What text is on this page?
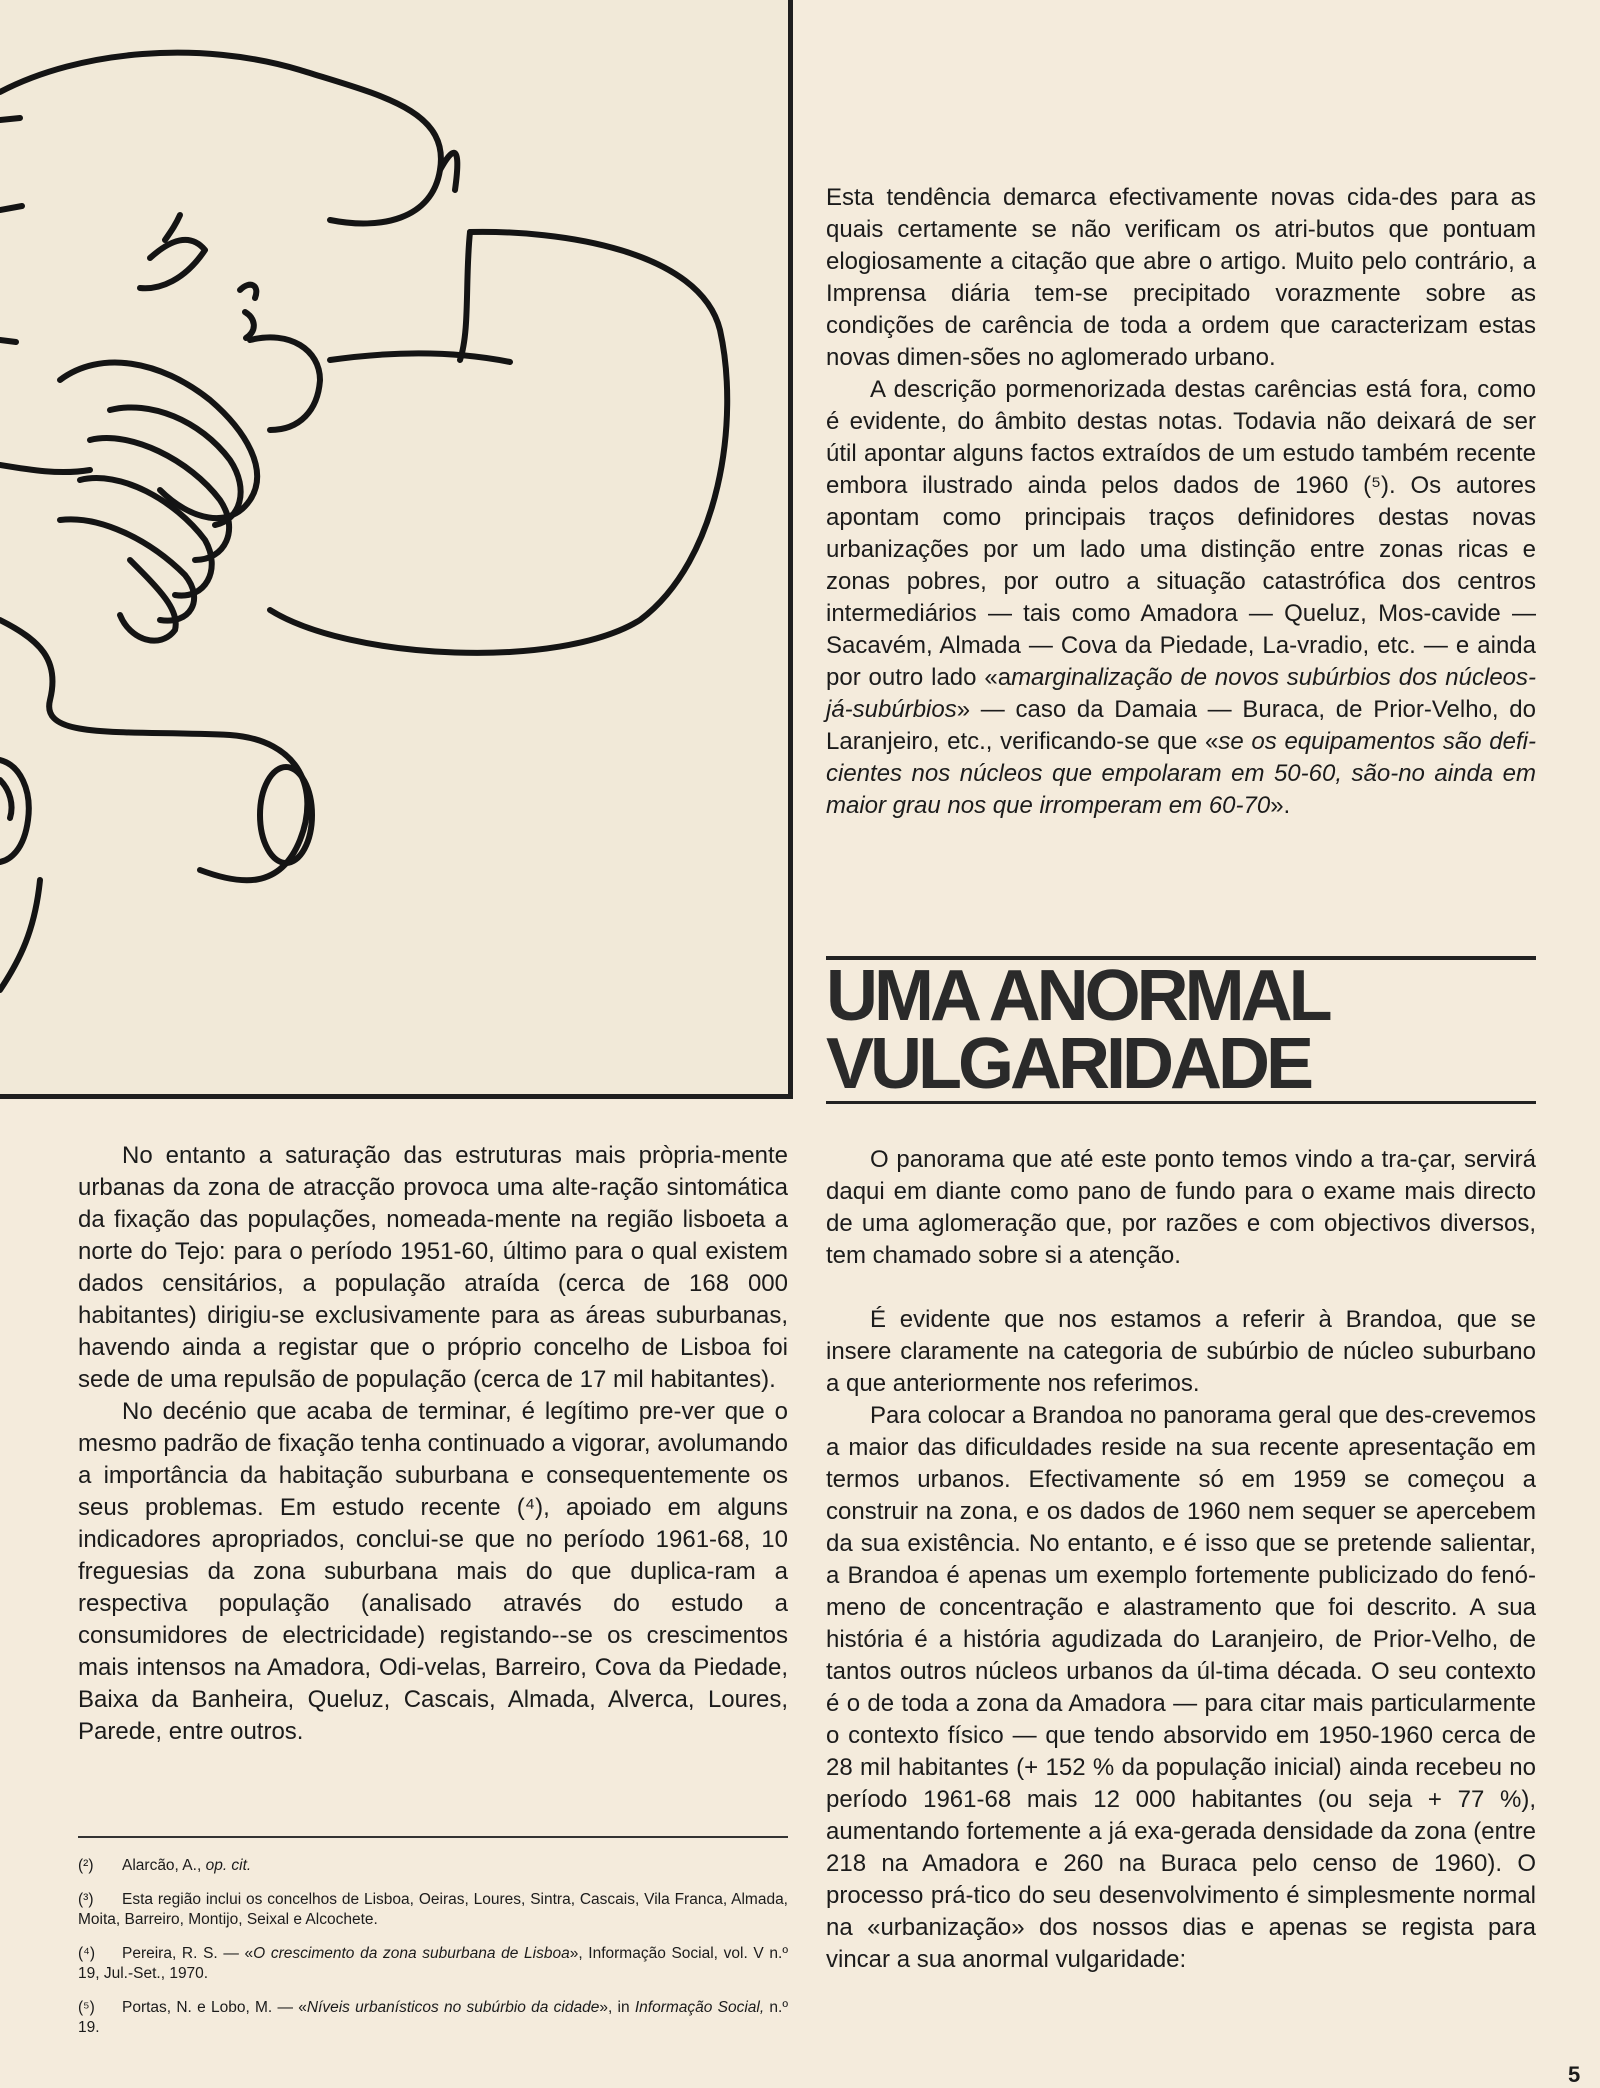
Esta tendência demarca efectivamente novas cida-des para as quais certamente se não verificam os atri-butos que pontuam elogiosamente a citação que abre o artigo. Muito pelo contrário, a Imprensa diária tem-se precipitado vorazmente sobre as condições de carência de toda a ordem que caracterizam estas novas dimen-sões no aglomerado urbano.

A descrição pormenorizada destas carências está fora, como é evidente, do âmbito destas notas. Todavia não deixará de ser útil apontar alguns factos extraídos de um estudo também recente embora ilustrado ainda pelos dados de 1960 (⁵). Os autores apontam como principais traços definidores destas novas urbanizações por um lado uma distinção entre zonas ricas e zonas pobres, por outro a situação catastrófica dos centros intermediários — tais como Amadora — Queluz, Mos-cavide — Sacavém, Almada — Cova da Piedade, La-vradio, etc. — e ainda por outro lado «amarginalização de novos subúrbios dos núcleos-já-subúrbios» — caso da Damaia — Buraca, de Prior-Velho, do Laranjeiro, etc., verificando-se que «se os equipamentos são defi-cientes nos núcleos que empolaram em 50-60, são-no ainda em maior grau nos que irromperam em 60-70».

UMA ANORMAL
VULGARIDADE

No entanto a saturação das estruturas mais pròpria-mente urbanas da zona de atracção provoca uma alte-ração sintomática da fixação das populações, nomeada-mente na região lisboeta a norte do Tejo: para o período 1951-60, último para o qual existem dados censitários, a população atraída (cerca de 168 000 habitantes) dirigiu-se exclusivamente para as áreas suburbanas, havendo ainda a registar que o próprio concelho de Lisboa foi sede de uma repulsão de população (cerca de 17 mil habitantes).

No decénio que acaba de terminar, é legítimo pre-ver que o mesmo padrão de fixação tenha continuado a vigorar, avolumando a importância da habitação suburbana e consequentemente os seus problemas. Em estudo recente (⁴), apoiado em alguns indicadores apropriados, conclui-se que no período 1961-68, 10 freguesias da zona suburbana mais do que duplica-ram a respectiva população (analisado através do estudo a consumidores de electricidade) registando--se os crescimentos mais intensos na Amadora, Odi-velas, Barreiro, Cova da Piedade, Baixa da Banheira, Queluz, Cascais, Almada, Alverca, Loures, Parede, entre outros.

(²) Alarcão, A., op. cit.

(³) Esta região inclui os concelhos de Lisboa, Oeiras, Loures, Sintra, Cascais, Vila Franca, Almada, Moita, Barreiro, Montijo, Seixal e Alcochete.

(⁴) Pereira, R. S. — «O crescimento da zona suburbana de Lisboa», Informação Social, vol. V n.º 19, Jul.-Set., 1970.

(⁵) Portas, N. e Lobo, M. — «Níveis urbanísticos no subúrbio da cidade», in Informação Social, n.º 19.

O panorama que até este ponto temos vindo a tra-çar, servirá daqui em diante como pano de fundo para o exame mais directo de uma aglomeração que, por razões e com objectivos diversos, tem chamado sobre si a atenção.

É evidente que nos estamos a referir à Brandoa, que se insere claramente na categoria de subúrbio de núcleo suburbano a que anteriormente nos referimos.

Para colocar a Brandoa no panorama geral que des-crevemos a maior das dificuldades reside na sua recente apresentação em termos urbanos. Efectivamente só em 1959 se começou a construir na zona, e os dados de 1960 nem sequer se apercebem da sua existência. No entanto, e é isso que se pretende salientar, a Brandoa é apenas um exemplo fortemente publicizado do fenó-meno de concentração e alastramento que foi descrito. A sua história é a história agudizada do Laranjeiro, de Prior-Velho, de tantos outros núcleos urbanos da úl-tima década. O seu contexto é o de toda a zona da Amadora — para citar mais particularmente o contexto físico — que tendo absorvido em 1950-1960 cerca de 28 mil habitantes (+ 152 % da população inicial) ainda recebeu no período 1961-68 mais 12 000 habitantes (ou seja + 77 %), aumentando fortemente a já exa-gerada densidade da zona (entre 218 na Amadora e 260 na Buraca pelo censo de 1960). O processo prá-tico do seu desenvolvimento é simplesmente normal na «urbanização» dos nossos dias e apenas se regista para vincar a sua anormal vulgaridade:

5
